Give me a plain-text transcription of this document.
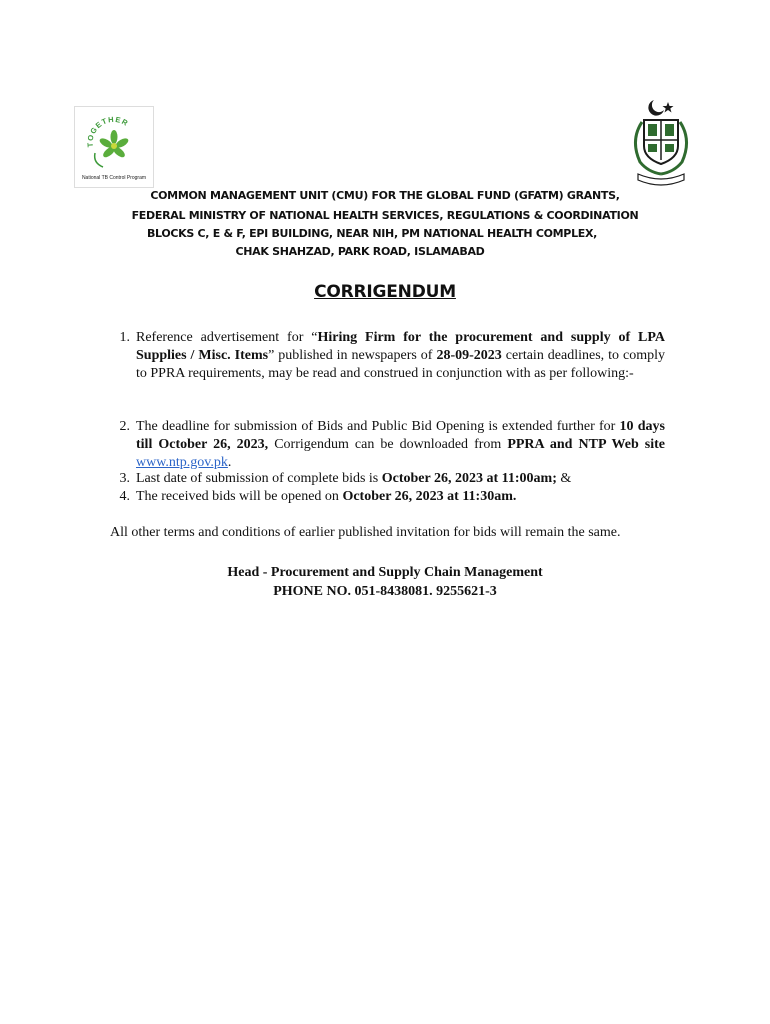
TOGETHER
National TB Control Program
COMMON MANAGEMENT UNIT (CMU) FOR THE GLOBAL FUND (GFATM) GRANTS,
FEDERAL MINISTRY OF NATIONAL HEALTH SERVICES, REGULATIONS & COORDINATION
BLOCKS C, E & F, EPI BUILDING, NEAR NIH, PM NATIONAL HEALTH COMPLEX,
CHAK SHAHZAD, PARK ROAD, ISLAMABAD
CORRIGENDUM
1. Reference advertisement for “Hiring Firm for the procurement and supply of LPA Supplies / Misc. Items” published in newspapers of 28-09-2023 certain deadlines, to comply to PPRA requirements, may be read and construed in conjunction with as per following:-
2. The deadline for submission of Bids and Public Bid Opening is extended further for 10 days till October 26, 2023, Corrigendum can be downloaded from PPRA and NTP Web site www.ntp.gov.pk.
3. Last date of submission of complete bids is October 26, 2023 at 11:00am; &
4. The received bids will be opened on October 26, 2023 at 11:30am.
All other terms and conditions of earlier published invitation for bids will remain the same.
Head - Procurement and Supply Chain Management
PHONE NO. 051-8438081. 9255621-3
